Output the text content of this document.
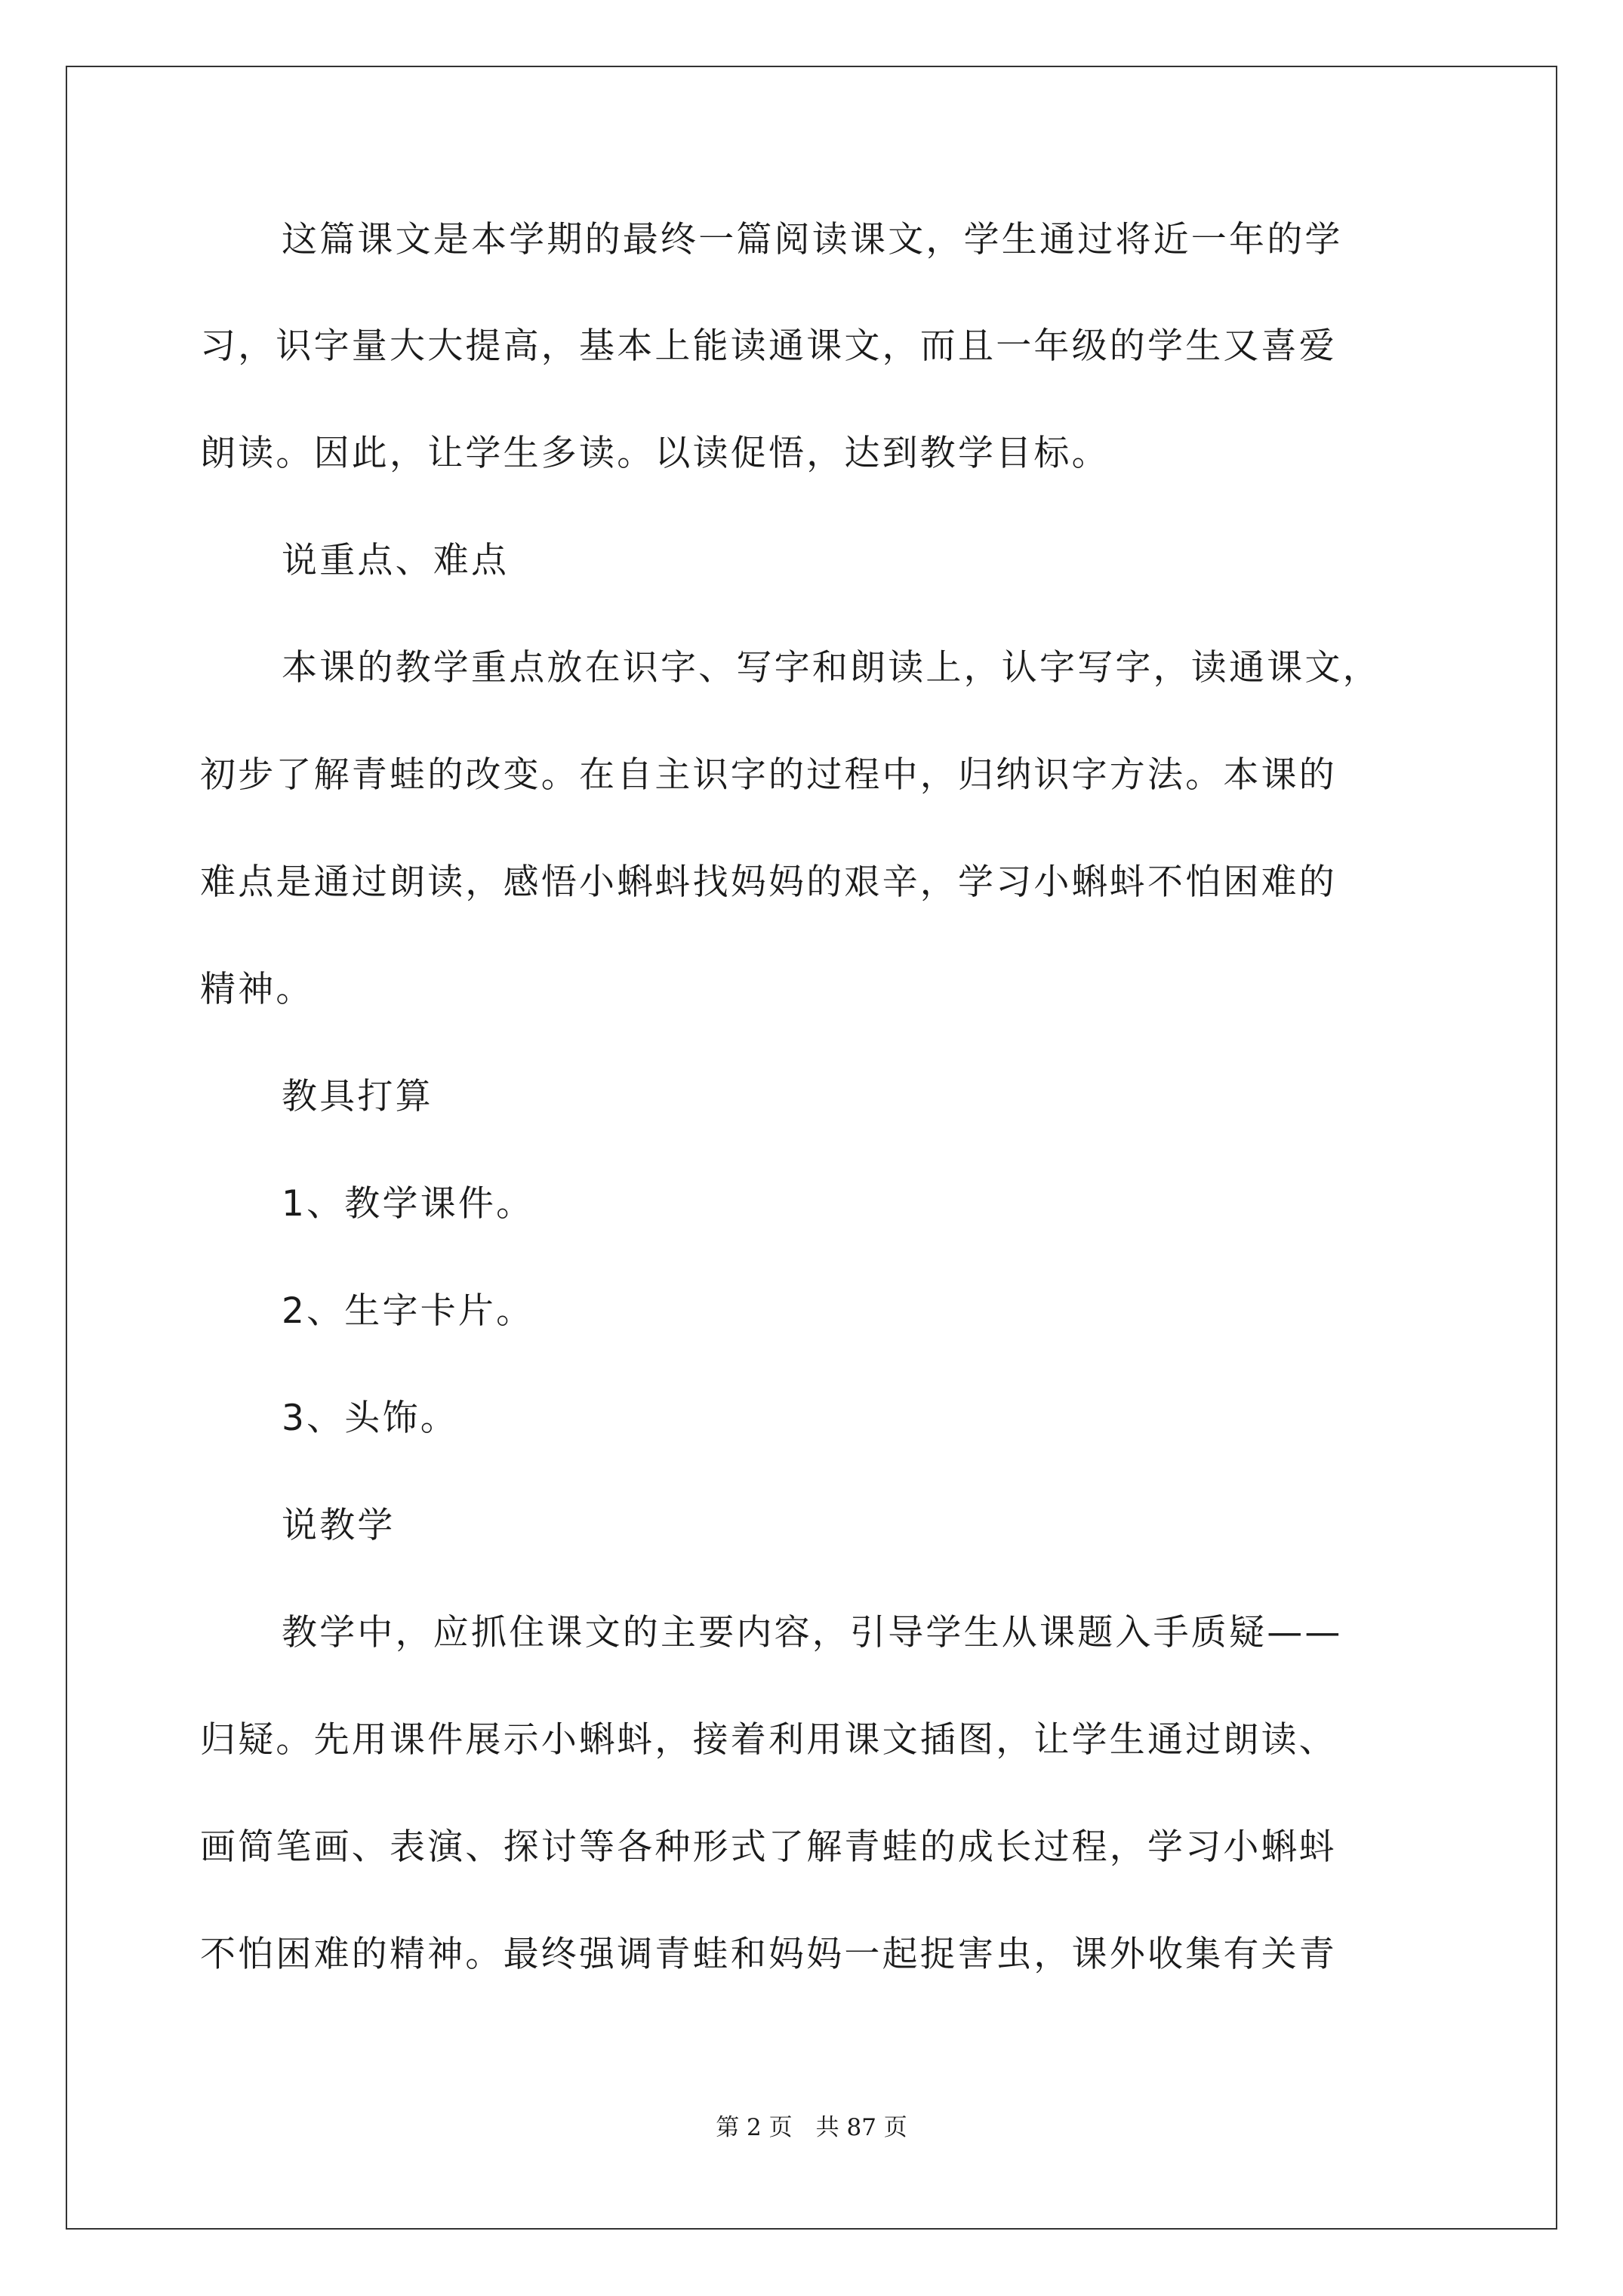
这篇课文是本学期的最终一篇阅读课文，学生通过将近一年的学
习，识字量大大提高，基本上能读通课文，而且一年级的学生又喜爱
朗读。因此，让学生多读。以读促悟，达到教学目标。
说重点、难点
本课的教学重点放在识字、写字和朗读上，认字写字，读通课文，
初步了解青蛙的改变。在自主识字的过程中，归纳识字方法。本课的
难点是通过朗读，感悟小蝌蚪找妈妈的艰辛，学习小蝌蚪不怕困难的
精神。
教具打算
1、教学课件。
2、生字卡片。
3、头饰。
说教学
教学中，应抓住课文的主要内容，引导学生从课题入手质疑——
归疑。先用课件展示小蝌蚪，接着利用课文插图，让学生通过朗读、
画简笔画、表演、探讨等各种形式了解青蛙的成长过程，学习小蝌蚪
不怕困难的精神。最终强调青蛙和妈妈一起捉害虫，课外收集有关青
第 2 页　共 87 页
